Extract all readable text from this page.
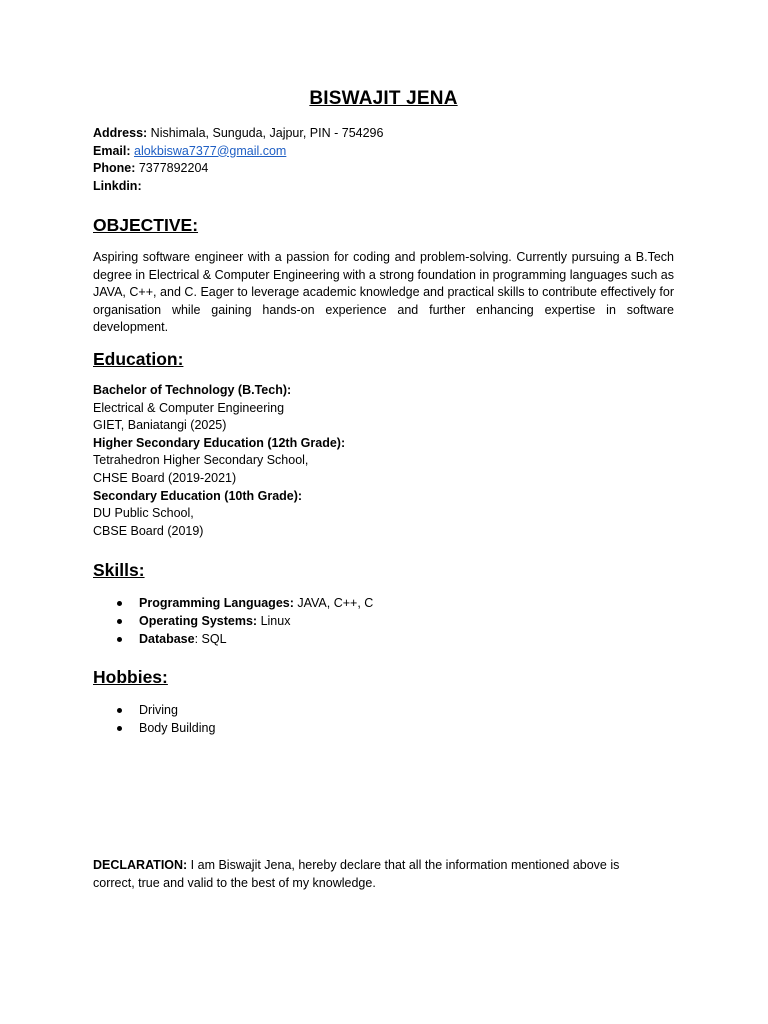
BISWAJIT JENA
Address: Nishimala, Sunguda, Jajpur, PIN - 754296
Email: alokbiswa7377@gmail.com
Phone: 7377892204
Linkdin:
OBJECTIVE:
Aspiring software engineer with a passion for coding and problem-solving. Currently pursuing a B.Tech degree in Electrical & Computer Engineering with a strong foundation in programming languages such as JAVA, C++, and C. Eager to leverage academic knowledge and practical skills to contribute effectively for organisation while gaining hands-on experience and further enhancing expertise in software development.
Education:
Bachelor of Technology (B.Tech):
Electrical & Computer Engineering
GIET, Baniatangi (2025)
Higher Secondary Education (12th Grade):
Tetrahedron Higher Secondary School,
CHSE Board (2019-2021)
Secondary Education (10th Grade):
DU Public School,
CBSE Board (2019)
Skills:
Programming Languages: JAVA, C++, C
Operating Systems: Linux
Database: SQL
Hobbies:
Driving
Body Building
DECLARATION: I am Biswajit Jena, hereby declare that all the information mentioned above is correct, true and valid to the best of my knowledge.
